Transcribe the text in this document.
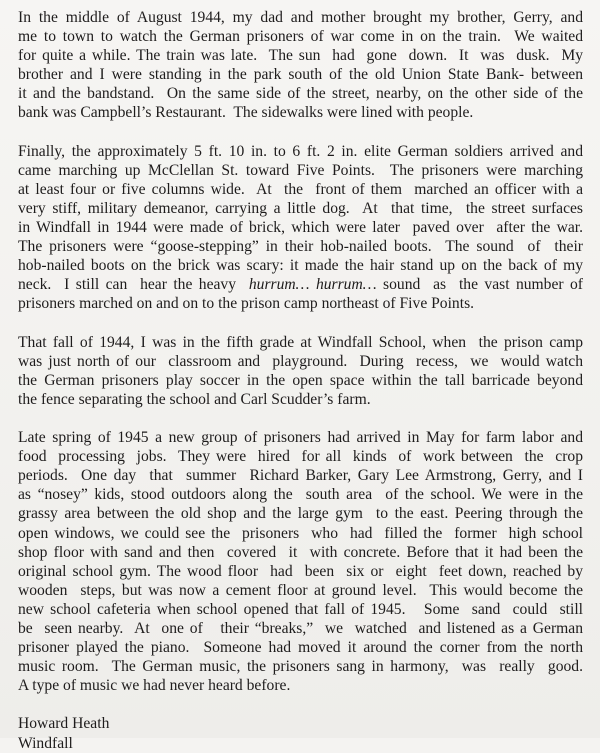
In the middle of August 1944, my dad and mother brought my brother, Gerry, and
me to town to watch the German prisoners of war come in on the train.  We waited
for quite a while. The train was late.  The sun  had  gone  down.  It  was  dusk.  My
brother and I were standing in the park south of the old Union State Bank- between
it and the bandstand.  On the same side of the street, nearby, on the other side of the
bank was Campbell’s Restaurant.  The sidewalks were lined with people.
Finally, the approximately 5 ft. 10 in. to 6 ft. 2 in. elite German soldiers arrived and
came marching up McClellan St. toward Five Points.  The prisoners were marching
at least four or five columns wide.  At  the  front of them  marched an officer with a
very stiff, military demeanor, carrying a little dog.  At  that time,  the street surfaces
in Windfall in 1944 were made of brick, which were later  paved over  after the war.
The prisoners were “goose-stepping” in their hob-nailed boots.  The sound  of  their
hob-nailed boots on the brick was scary: it made the hair stand up on the back of my
neck.  I still can  hear the heavy  hurrum… hurrum… sound  as  the vast number of
prisoners marched on and on to the prison camp northeast of Five Points.
That fall of 1944, I was in the fifth grade at Windfall School, when  the prison camp
was just north of our  classroom and  playground.  During  recess,  we  would watch
the German prisoners play soccer in the open space within the tall barricade beyond
the fence separating the school and Carl Scudder’s farm.
Late spring of 1945 a new group of prisoners had arrived in May for farm labor and
food  processing  jobs.  They were  hired  for all  kinds  of  work between  the  crop
periods.  One day  that  summer  Richard Barker, Gary Lee Armstrong, Gerry, and I
as “nosey” kids, stood outdoors along the  south area  of the school. We were in the
grassy area between the old shop and the large gym  to the east. Peering through the
open windows, we could see the  prisoners  who  had  filled the  former  high school
shop floor with sand and then  covered  it  with concrete. Before that it had been the
original school gym. The wood floor  had  been  six or  eight  feet down, reached by
wooden  steps, but was now a cement floor at ground level.  This would become the
new school cafeteria when school opened that fall of 1945.   Some  sand  could  still
be  seen nearby.  At  one of   their “breaks,”  we  watched  and listened as a German
prisoner played the piano.  Someone had moved it around the corner from the north
music room.  The German music, the prisoners sang in harmony,  was  really  good.
A type of music we had never heard before.
Howard Heath
Windfall
